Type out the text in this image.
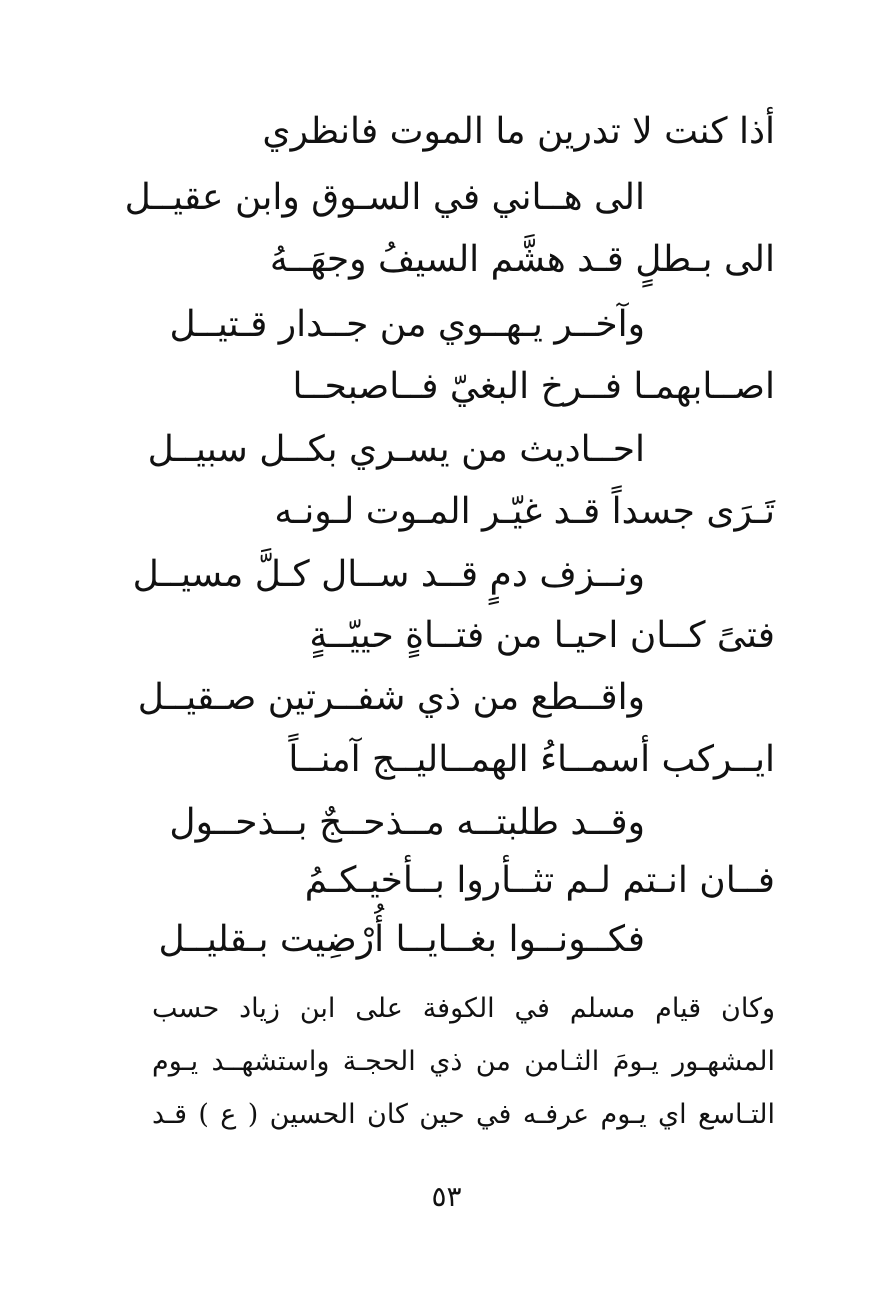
أذا كنت لا تدرين ما الموت فانظري
الى هــاني في السـوق وابن عقيــل
الى بـطلٍ قـد هشَّم السيفُ وجهَــهُ
وآخــر يـهــوي من جــدار قـتيــل
اصــابهمـا فــرخ البغيّ فــاصبحــا
احــاديث من يسـري بكــل سبيــل
تَـرَى جسداً قـد غيّـر المـوت لـونـه
ونــزف دمٍ قــد ســال كـلَّ مسيــل
فتىً كــان احيـا من فتــاةٍ حييّــةٍ
واقــطع من ذي شفــرتين صـقيــل
ايــركب أسمــاءُ الهمــاليــج آمنــاً
وقــد طلبتــه مــذحــجٌ بــذحــول
فــان انـتم لـم تثــأروا بــأخيـكـمُ
فكــونــوا بغــايــا أُرْضِيت بـقليــل
وكان قيام مسلم في الكوفة على ابن زياد حسب
المشهـور يـومَ الثـامن من ذي الحجـة واستشهــد يـوم
التـاسع اي يـوم عرفـه في حين كان الحسين ( ع ) قـد
٥٣
